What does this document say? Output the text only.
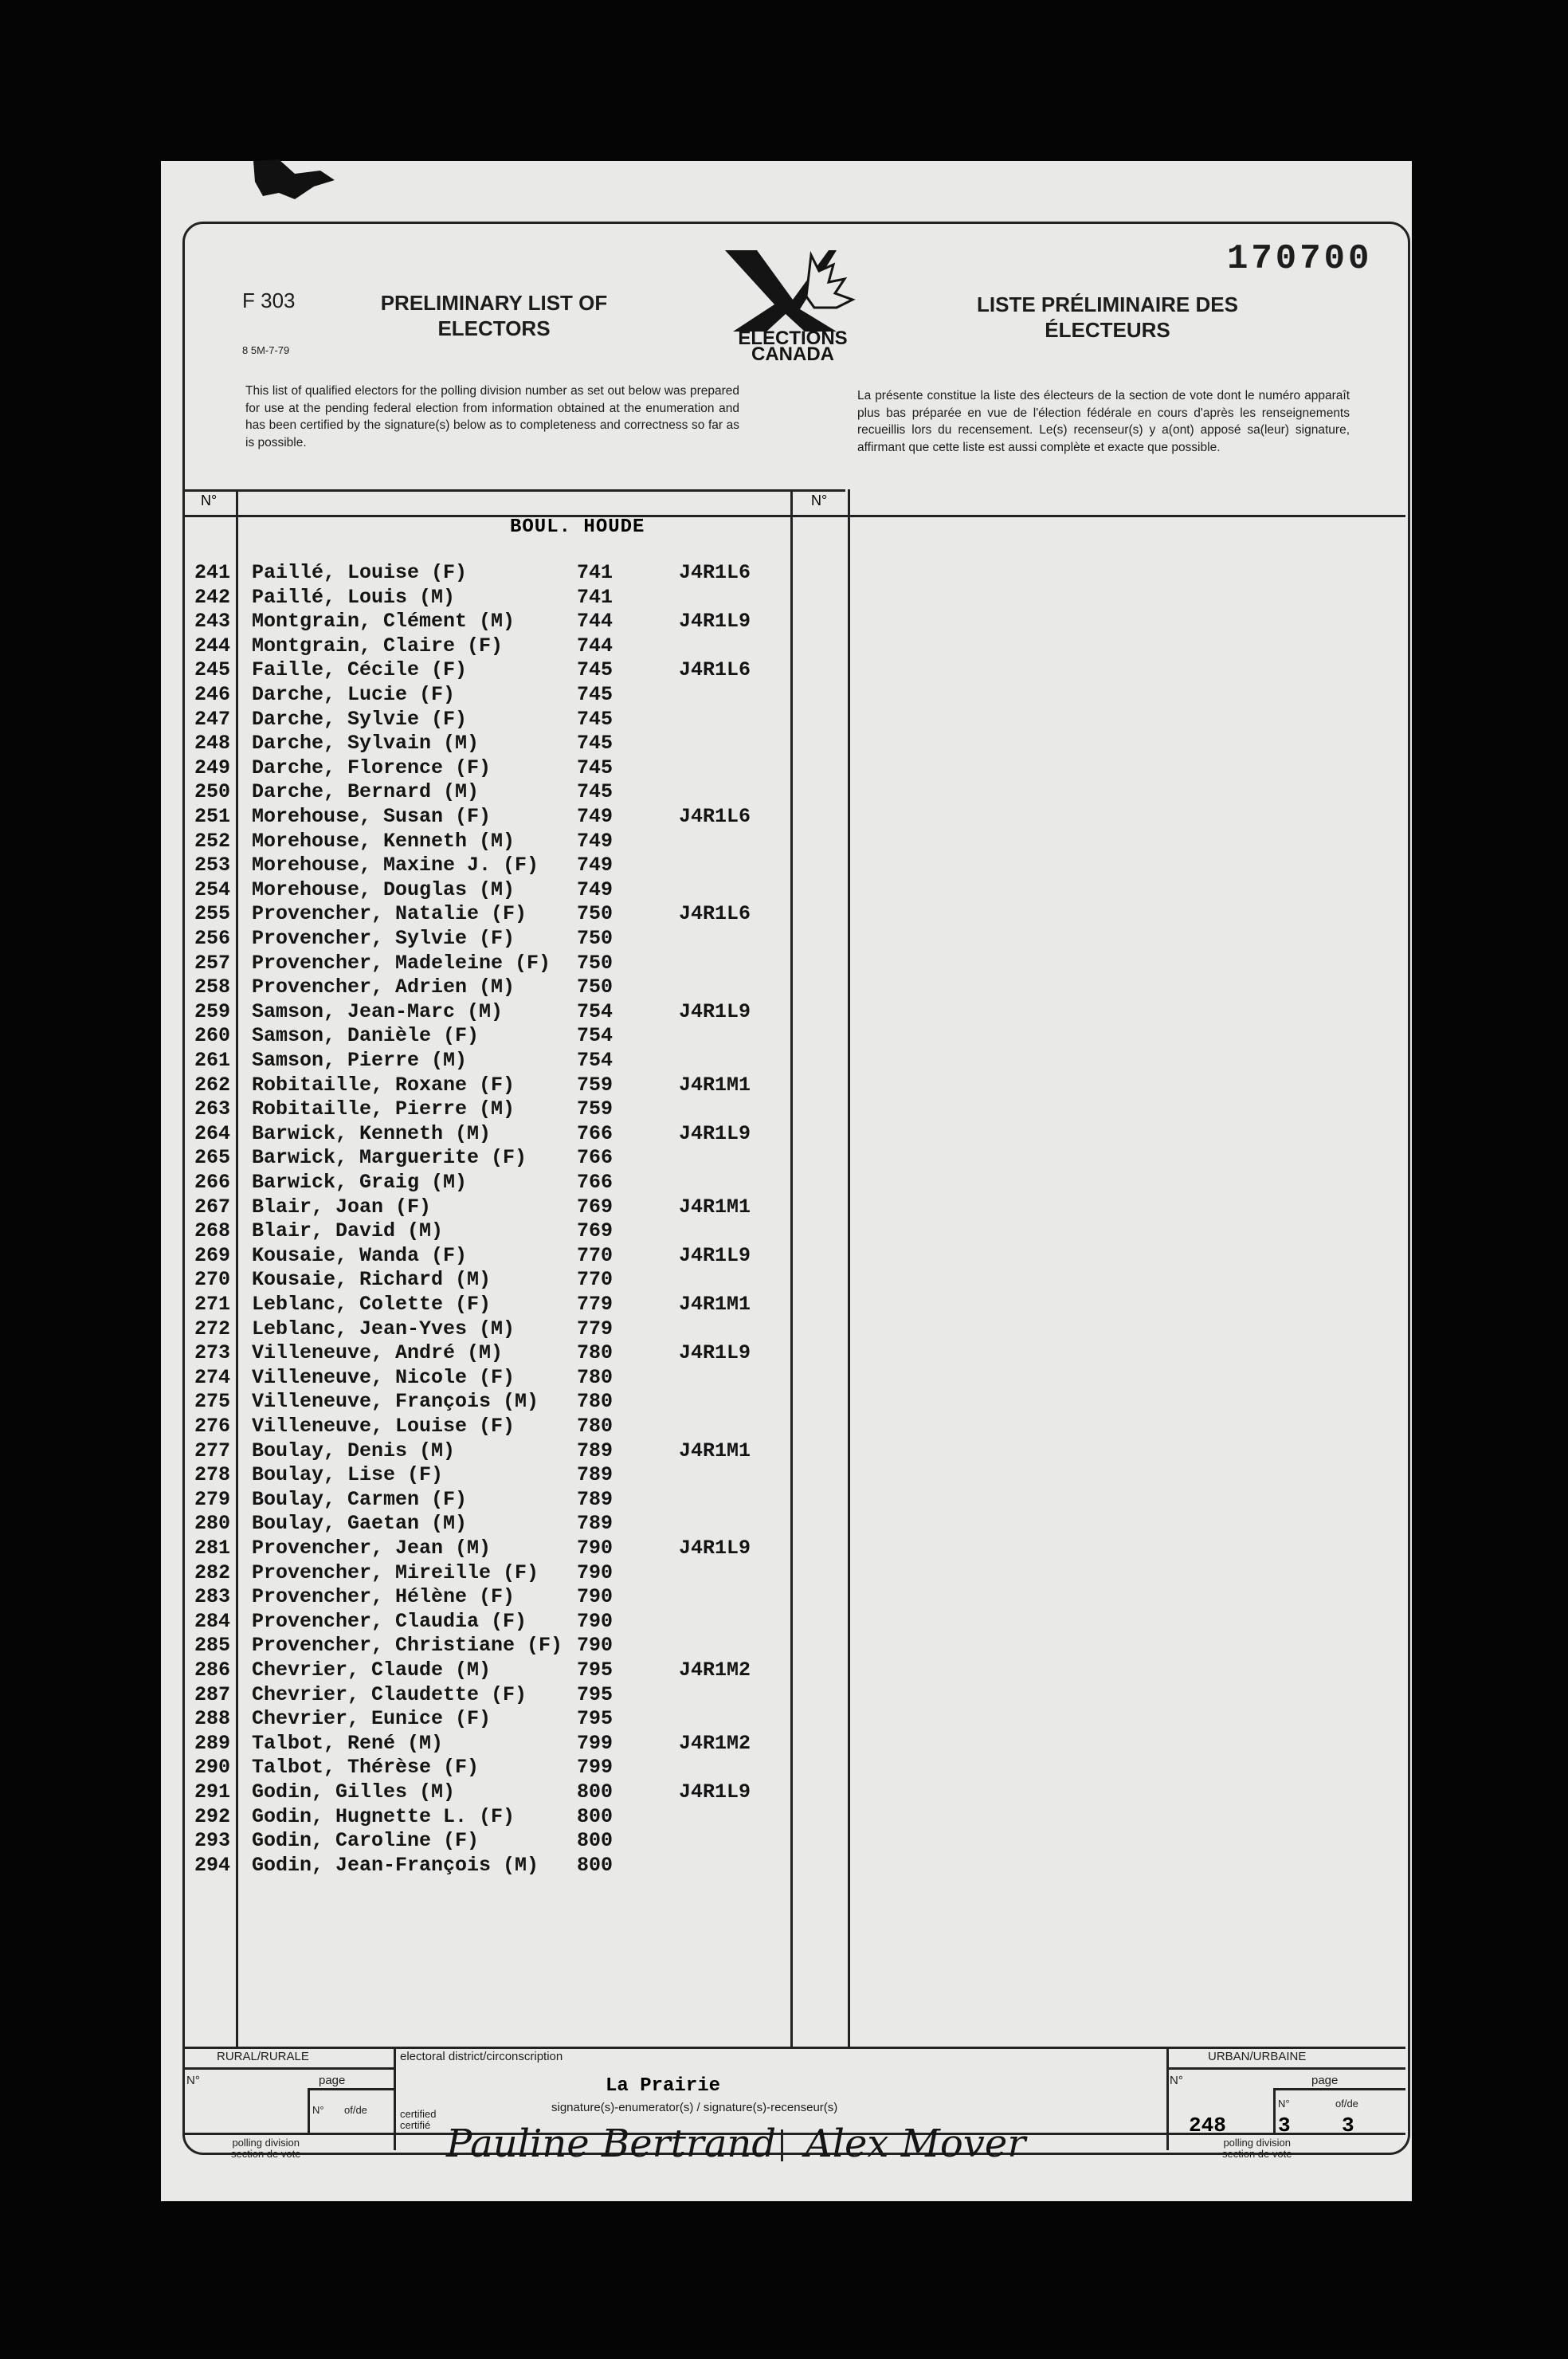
F 303
8 5M-7-79
PRELIMINARY LIST OF ELECTORS
LISTE PRÉLIMINAIRE DES ÉLECTEURS
170700
ELECTIONS
CANADA
This list of qualified electors for the polling division number as set out below was prepared for use at the pending federal election from information obtained at the enumeration and has been certified by the signature(s) below as to completeness and correctness so far as is possible.
La présente constitue la liste des électeurs de la section de vote dont le numéro apparaît plus bas préparée en vue de l'élection fédérale en cours d'après les renseignements recueillis lors du recensement. Le(s) recenseur(s) y a(ont) apposé sa(leur) signature, affirmant que cette liste est aussi complète et exacte que possible.
N°	N°
BOUL. HOUDE
241	Paillé, Louise (F)	741	J4R1L6
242	Paillé, Louis (M)	741
243	Montgrain, Clément (M)	744	J4R1L9
244	Montgrain, Claire (F)	744
245	Faille, Cécile (F)	745	J4R1L6
246	Darche, Lucie (F)	745
247	Darche, Sylvie (F)	745
248	Darche, Sylvain (M)	745
249	Darche, Florence (F)	745
250	Darche, Bernard (M)	745
251	Morehouse, Susan (F)	749	J4R1L6
252	Morehouse, Kenneth (M)	749
253	Morehouse, Maxine J. (F) 749
254	Morehouse, Douglas (M)	749
255	Provencher, Natalie (F)	750	J4R1L6
256	Provencher, Sylvie (F)	750
257	Provencher, Madeleine (F) 750
258	Provencher, Adrien (M)	750
259	Samson, Jean-Marc (M)	754	J4R1L9
260	Samson, Danièle (F)	754
261	Samson, Pierre (M)	754
262	Robitaille, Roxane (F)	759	J4R1M1
263	Robitaille, Pierre (M)	759
264	Barwick, Kenneth (M)	766	J4R1L9
265	Barwick, Marguerite (F)	766
266	Barwick, Graig (M)	766
267	Blair, Joan (F)	769	J4R1M1
268	Blair, David (M)	769
269	Kousaie, Wanda (F)	770	J4R1L9
270	Kousaie, Richard (M)	770
271	Leblanc, Colette (F)	779	J4R1M1
272	Leblanc, Jean-Yves (M)	779
273	Villeneuve, André (M)	780	J4R1L9
274	Villeneuve, Nicole (F)	780
275	Villeneuve, François (M) 780
276	Villeneuve, Louise (F)	780
277	Boulay, Denis (M)	789	J4R1M1
278	Boulay, Lise (F)	789
279	Boulay, Carmen (F)	789
280	Boulay, Gaetan (M)	789
281	Provencher, Jean (M)	790	J4R1L9
282	Provencher, Mireille (F) 790
283	Provencher, Hélène (F)	790
284	Provencher, Claudia (F)	790
285	Provencher, Christiane (F) 790
286	Chevrier, Claude (M)	795	J4R1M2
287	Chevrier, Claudette (F)	795
288	Chevrier, Eunice (F)	795
289	Talbot, René (M)	799	J4R1M2
290	Talbot, Thérèse (F)	799
291	Godin, Gilles (M)	800	J4R1L9
292	Godin, Hugnette L. (F)	800
293	Godin, Caroline (F)	800
294	Godin, Jean-François (M) 800
RURAL/RURALE
N°	page
N° of/de
polling division
section de vote
electoral district/circonscription
La Prairie
certified
certifié
signature(s)-enumerator(s) / signature(s)-recenseur(s)
Pauline Bertrand Alex Mover
URBAN/URBAINE
N°	page
N°	of/de
248	3 3
polling division
section de vote
